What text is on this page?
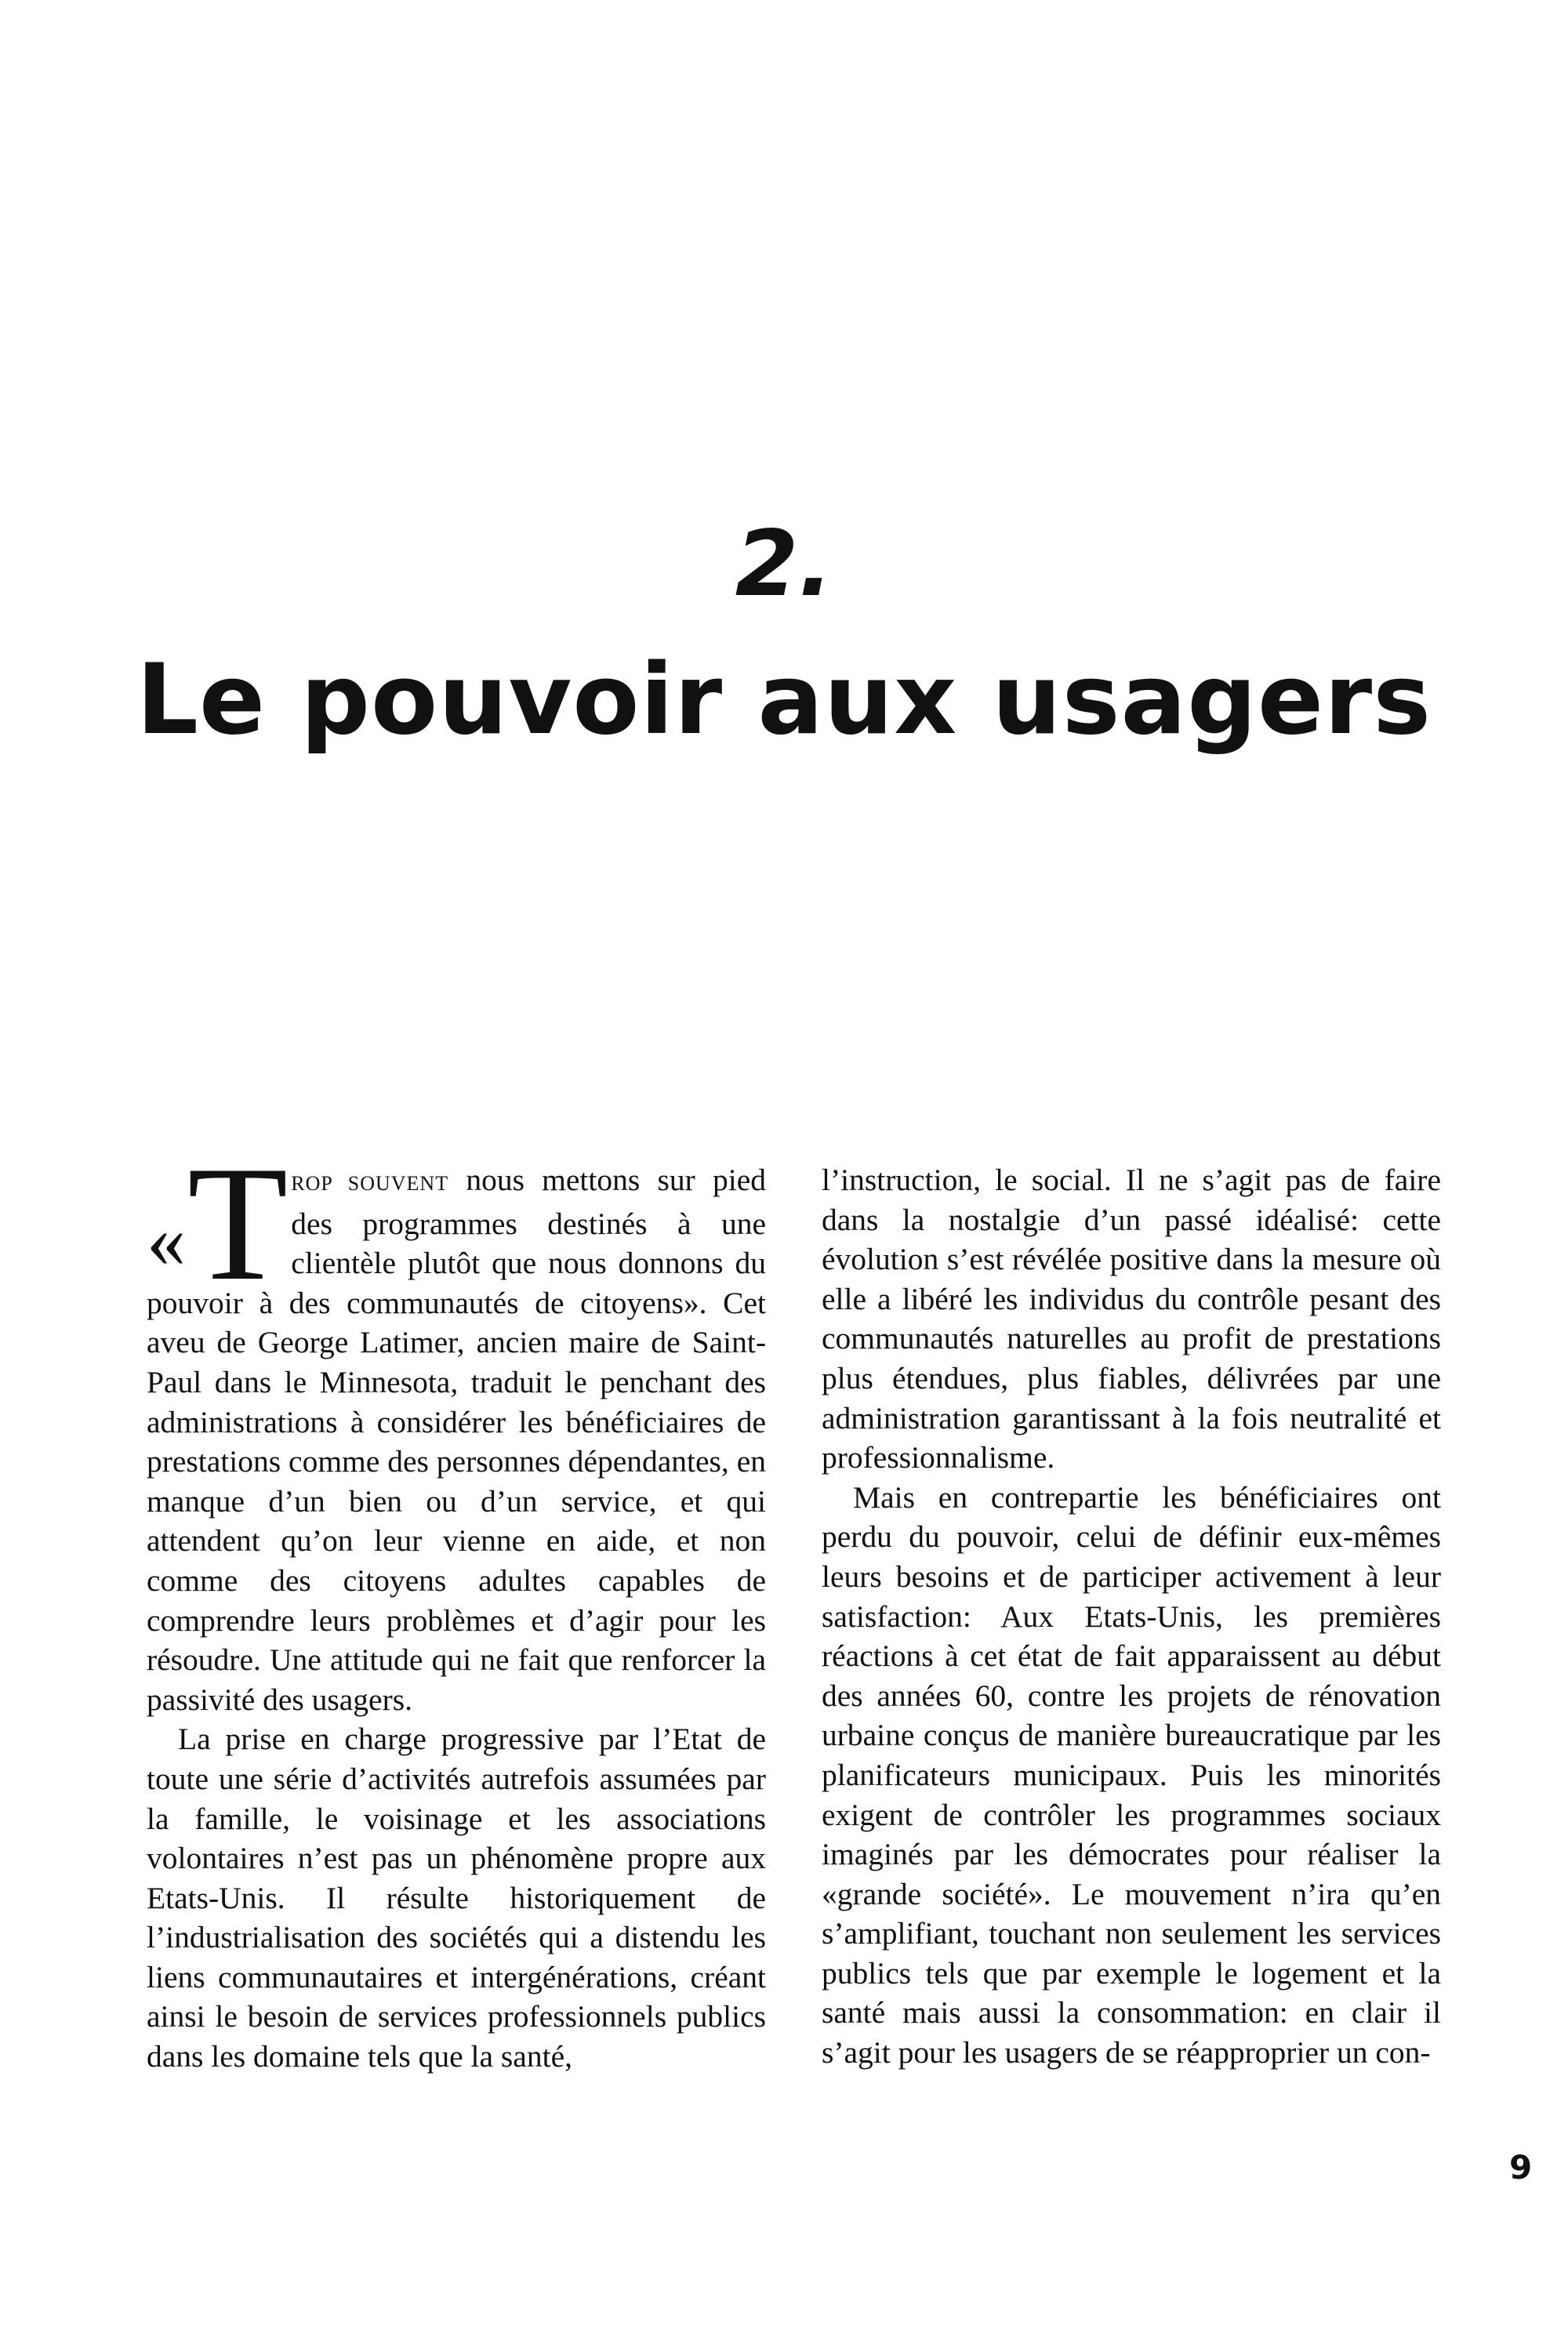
2.
Le pouvoir aux usagers

« T ROP SOUVENT nous mettons sur pied des programmes destinés à une clientèle plutôt que nous donnons du pouvoir à des communautés de citoyens». Cet aveu de George Latimer, ancien maire de Saint-Paul dans le Minnesota, traduit le penchant des administrations à considérer les bénéficiaires de prestations comme des personnes dépendantes, en manque d’un bien ou d’un service, et qui attendent qu’on leur vienne en aide, et non comme des citoyens adultes capables de comprendre leurs problèmes et d’agir pour les résoudre. Une attitude qui ne fait que renforcer la passivité des usagers.

La prise en charge progressive par l’Etat de toute une série d’activités autrefois assumées par la famille, le voisinage et les associations volontaires n’est pas un phénomène propre aux Etats-Unis. Il résulte historiquement de l’industrialisation des sociétés qui a distendu les liens communautaires et intergénérations, créant ainsi le besoin de services professionnels publics dans les domaine tels que la santé,

l’instruction, le social. Il ne s’agit pas de faire dans la nostalgie d’un passé idéalisé: cette évolution s’est révélée positive dans la mesure où elle a libéré les individus du contrôle pesant des communautés naturelles au profit de prestations plus étendues, plus fiables, délivrées par une administration garantissant à la fois neutralité et professionnalisme.

Mais en contrepartie les bénéficiaires ont perdu du pouvoir, celui de définir eux-mêmes leurs besoins et de participer activement à leur satisfaction: Aux Etats-Unis, les premières réactions à cet état de fait apparaissent au début des années 60, contre les projets de rénovation urbaine conçus de manière bureaucratique par les planificateurs municipaux. Puis les minorités exigent de contrôler les programmes sociaux imaginés par les démocrates pour réaliser la «grande société». Le mouvement n’ira qu’en s’amplifiant, touchant non seulement les services publics tels que par exemple le logement et la santé mais aussi la consommation: en clair il s’agit pour les usagers de se réapproprier un con-

9
